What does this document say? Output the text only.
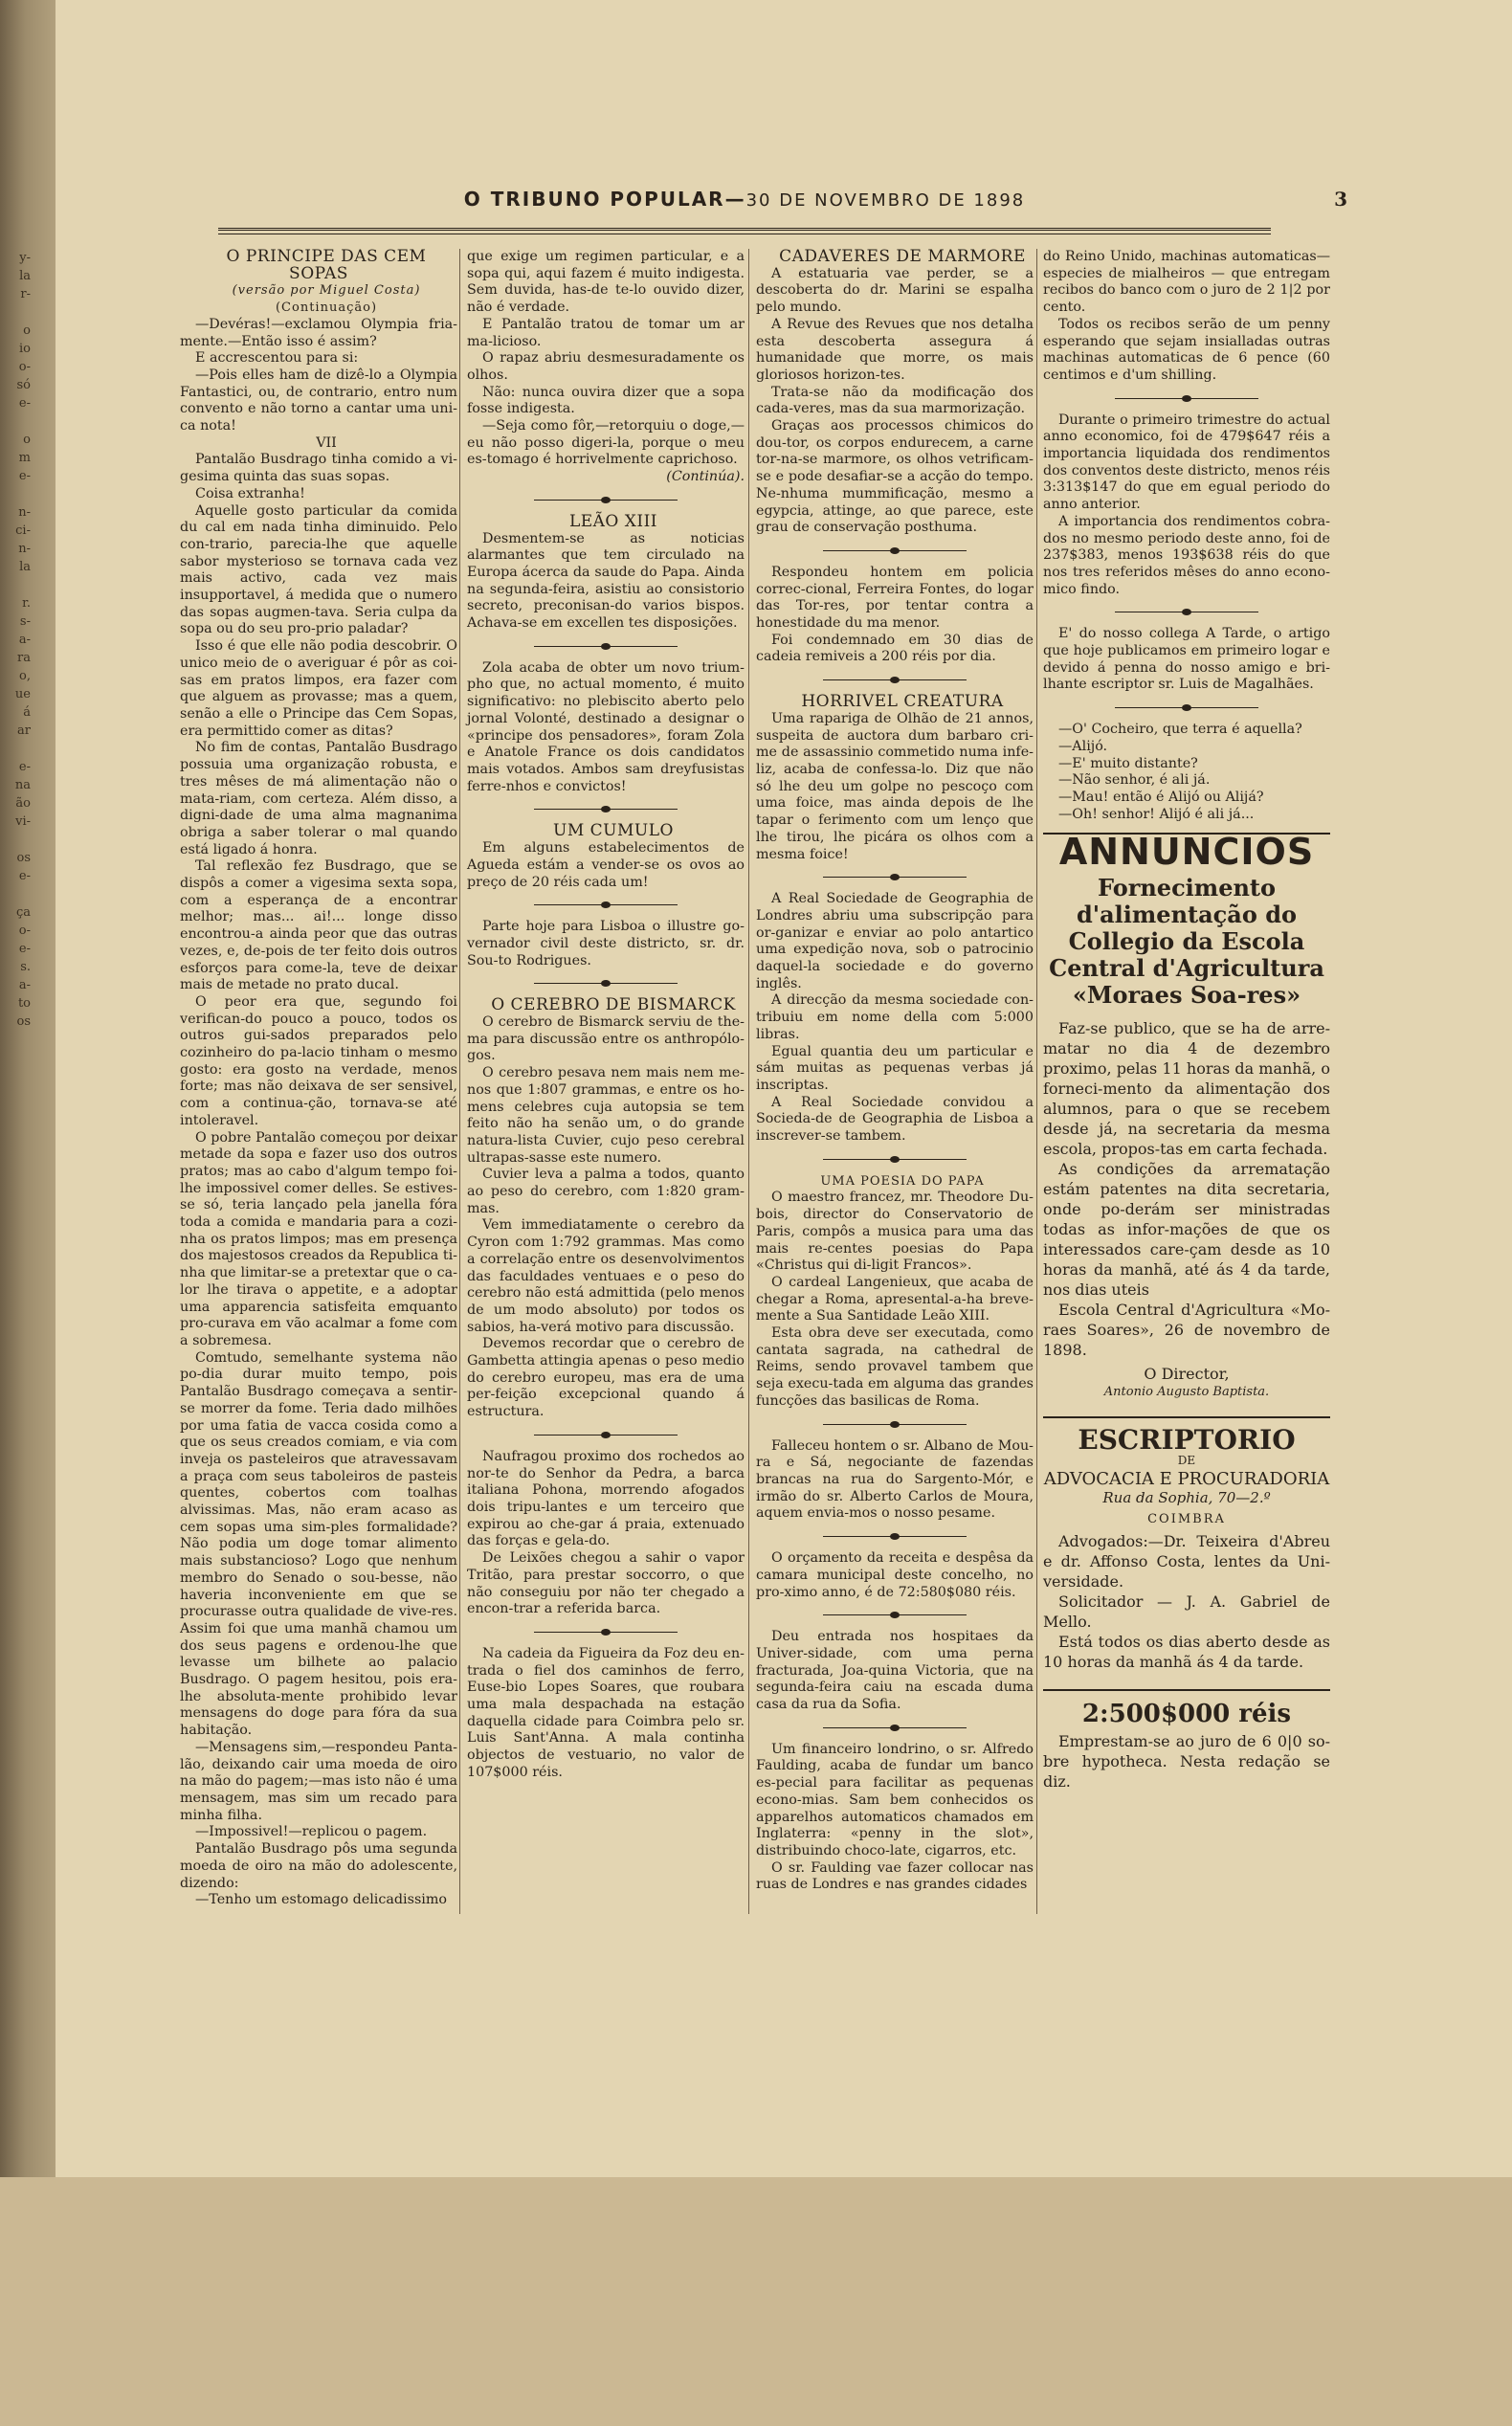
y-
la
r-
o
io
o-
só
e-
o
m
e-
n-
ci-
n-
la
r.
s-
a-
ra
o,
ue
á
ar
e-
na
ão
vi-
os
e-
ça
o-
e-
s.
a-
to
os
O TRIBUNO POPULAR—30 DE NOVEMBRO DE 1898	3

O PRINCIPE DAS CEM SOPAS

(versão por Miguel Costa)

(Continuação)

—Devéras!—exclamou Olympia fria-mente.—Então isso é assim?

E accrescentou para si:

—Pois elles ham de dizê-lo a Olympia Fantastici, ou, de contrario, entro num convento e não torno a cantar uma uni-ca nota!

VII

Pantalão Busdrago tinha comido a vi-gesima quinta das suas sopas.

Coisa extranha!

Aquelle gosto particular da comida du cal em nada tinha diminuido. Pelo con-trario, parecia-lhe que aquelle sabor mysterioso se tornava cada vez mais activo, cada vez mais insupportavel, á medida que o numero das sopas augmen-tava. Seria culpa da sopa ou do seu pro-prio paladar?

Isso é que elle não podia descobrir. O unico meio de o averiguar é pôr as coi-sas em pratos limpos, era fazer com que alguem as provasse; mas a quem, senão a elle o Principe das Cem Sopas, era permittido comer as ditas?

No fim de contas, Pantalão Busdrago possuia uma organização robusta, e tres mêses de má alimentação não o mata-riam, com certeza. Além disso, a digni-dade de uma alma magnanima obriga a saber tolerar o mal quando está ligado á honra.

Tal reflexão fez Busdrago, que se dispôs a comer a vigesima sexta sopa, com a esperança de a encontrar melhor; mas... ai!... longe disso encontrou-a ainda peor que das outras vezes, e, de-pois de ter feito dois outros esforços para come-la, teve de deixar mais de metade no prato ducal.

O peor era que, segundo foi verifican-do pouco a pouco, todos os outros gui-sados preparados pelo cozinheiro do pa-lacio tinham o mesmo gosto: era gosto na verdade, menos forte; mas não deixava de ser sensivel, com a continua-ção, tornava-se até intoleravel.

O pobre Pantalão começou por deixar metade da sopa e fazer uso dos outros pratos; mas ao cabo d'algum tempo foi-lhe impossivel comer delles. Se estives-se só, teria lançado pela janella fóra toda a comida e mandaria para a cozi-nha os pratos limpos; mas em presença dos majestosos creados da Republica ti-nha que limitar-se a pretextar que o ca-lor lhe tirava o appetite, e a adoptar uma apparencia satisfeita emquanto pro-curava em vão acalmar a fome com a sobremesa.

Comtudo, semelhante systema não po-dia durar muito tempo, pois Pantalão Busdrago começava a sentir-se morrer da fome. Teria dado milhões por uma fatia de vacca cosida como a que os seus creados comiam, e via com inveja os pasteleiros que atravessavam a praça com seus taboleiros de pasteis quentes, cobertos com toalhas alvissimas. Mas, não eram acaso as cem sopas uma sim-ples formalidade? Não podia um doge tomar alimento mais substancioso? Logo que nenhum membro do Senado o sou-besse, não haveria inconveniente em que se procurasse outra qualidade de vive-res. Assim foi que uma manhã chamou um dos seus pagens e ordenou-lhe que levasse um bilhete ao palacio Busdrago. O pagem hesitou, pois era-lhe absoluta-mente prohibido levar mensagens do doge para fóra da sua habitação.

—Mensagens sim,—respondeu Panta-lão, deixando cair uma moeda de oiro na mão do pagem;—mas isto não é uma mensagem, mas sim um recado para minha filha.

—Impossivel!—replicou o pagem.

Pantalão Busdrago pôs uma segunda moeda de oiro na mão do adolescente, dizendo:

—Tenho um estomago delicadissimo

que exige um regimen particular, e a sopa qui, aqui fazem é muito indigesta. Sem duvida, has-de te-lo ouvido dizer, não é verdade.

E Pantalão tratou de tomar um ar ma-licioso.

O rapaz abriu desmesuradamente os olhos.

Não: nunca ouvira dizer que a sopa fosse indigesta.

—Seja como fôr,—retorquiu o doge,—eu não posso digeri-la, porque o meu es-tomago é horrivelmente caprichoso.

(Continúa).

LEÃO XIII

Desmentem-se as noticias alarmantes que tem circulado na Europa ácerca da saude do Papa. Ainda na segunda-feira, asistiu ao consistorio secreto, preconisan-do varios bispos. Achava-se em excellen tes disposições.

Zola acaba de obter um novo trium-pho que, no actual momento, é muito significativo: no plebiscito aberto pelo jornal Volonté, destinado a designar o «principe dos pensadores», foram Zola e Anatole France os dois candidatos mais votados. Ambos sam dreyfusistas ferre-nhos e convictos!

UM CUMULO

Em alguns estabelecimentos de Agueda estám a vender-se os ovos ao preço de 20 réis cada um!

Parte hoje para Lisboa o illustre go-vernador civil deste districto, sr. dr. Sou-to Rodrigues.

O CEREBRO DE BISMARCK

O cerebro de Bismarck serviu de the-ma para discussão entre os anthropólo-gos.

O cerebro pesava nem mais nem me-nos que 1:807 grammas, e entre os ho-mens celebres cuja autopsia se tem feito não ha senão um, o do grande natura-lista Cuvier, cujo peso cerebral ultrapas-sasse este numero.

Cuvier leva a palma a todos, quanto ao peso do cerebro, com 1:820 gram-mas.

Vem immediatamente o cerebro da Cyron com 1:792 grammas. Mas como a correlação entre os desenvolvimentos das faculdades ventuaes e o peso do cerebro não está admittida (pelo menos de um modo absoluto) por todos os sabios, ha-verá motivo para discussão.

Devemos recordar que o cerebro de Gambetta attingia apenas o peso medio do cerebro europeu, mas era de uma per-feição excepcional quando á estructura.

Naufragou proximo dos rochedos ao nor-te do Senhor da Pedra, a barca italiana Pohona, morrendo afogados dois tripu-lantes e um terceiro que expirou ao che-gar á praia, extenuado das forças e gela-do.

De Leixões chegou a sahir o vapor Tritão, para prestar soccorro, o que não conseguiu por não ter chegado a encon-trar a referida barca.

Na cadeia da Figueira da Foz deu en-trada o fiel dos caminhos de ferro, Euse-bio Lopes Soares, que roubara uma mala despachada na estação daquella cidade para Coimbra pelo sr. Luis Sant'Anna. A mala continha objectos de vestuario, no valor de 107$000 réis.

CADAVERES DE MARMORE

A estatuaria vae perder, se a descoberta do dr. Marini se espalha pelo mundo.

A Revue des Revues que nos detalha esta descoberta assegura á humanidade que morre, os mais gloriosos horizon-tes.

Trata-se não da modificação dos cada-veres, mas da sua marmorização.

Graças aos processos chimicos do dou-tor, os corpos endurecem, a carne tor-na-se marmore, os olhos vetrificam-se e pode desafiar-se a acção do tempo. Ne-nhuma mummificação, mesmo a egypcia, attinge, ao que parece, este grau de conservação posthuma.

Respondeu hontem em policia correc-cional, Ferreira Fontes, do logar das Tor-res, por tentar contra a honestidade du ma menor.

Foi condemnado em 30 dias de cadeia remiveis a 200 réis por dia.

HORRIVEL CREATURA

Uma rapariga de Olhão de 21 annos, suspeita de auctora dum barbaro cri-me de assassinio commetido numa infe-liz, acaba de confessa-lo. Diz que não só lhe deu um golpe no pescoço com uma foice, mas ainda depois de lhe tapar o ferimento com um lenço que lhe tirou, lhe picára os olhos com a mesma foice!

A Real Sociedade de Geographia de Londres abriu uma subscripção para or-ganizar e enviar ao polo antartico uma expedição nova, sob o patrocinio daquel-la sociedade e do governo inglês.

A direcção da mesma sociedade con-tribuiu em nome della com 5:000 libras.

Egual quantia deu um particular e sám muitas as pequenas verbas já inscriptas.

A Real Sociedade convidou a Socieda-de de Geographia de Lisboa a inscrever-se tambem.

UMA POESIA DO PAPA

O maestro francez, mr. Theodore Du-bois, director do Conservatorio de Paris, compôs a musica para uma das mais re-centes poesias do Papa «Christus qui di-ligit Francos».

O cardeal Langenieux, que acaba de chegar a Roma, apresental-a-ha breve-mente a Sua Santidade Leão XIII.

Esta obra deve ser executada, como cantata sagrada, na cathedral de Reims, sendo provavel tambem que seja execu-tada em alguma das grandes funcções das basilicas de Roma.

Falleceu hontem o sr. Albano de Mou-ra e Sá, negociante de fazendas brancas na rua do Sargento-Mór, e irmão do sr. Alberto Carlos de Moura, aquem envia-mos o nosso pesame.

O orçamento da receita e despêsa da camara municipal deste concelho, no pro-ximo anno, é de 72:580$080 réis.

Deu entrada nos hospitaes da Univer-sidade, com uma perna fracturada, Joa-quina Victoria, que na segunda-feira caiu na escada duma casa da rua da Sofia.

Um financeiro londrino, o sr. Alfredo Faulding, acaba de fundar um banco es-pecial para facilitar as pequenas econo-mias. Sam bem conhecidos os apparelhos automaticos chamados em Inglaterra: «penny in the slot», distribuindo choco-late, cigarros, etc.

O sr. Faulding vae fazer collocar nas ruas de Londres e nas grandes cidades

do Reino Unido, machinas automaticas—especies de mialheiros — que entregam recibos do banco com o juro de 2 1|2 por cento.

Todos os recibos serão de um penny esperando que sejam insialladas outras machinas automaticas de 6 pence (60 centimos e d'um shilling.

Durante o primeiro trimestre do actual anno economico, foi de 479$647 réis a importancia liquidada dos rendimentos dos conventos deste districto, menos réis 3:313$147 do que em egual periodo do anno anterior.

A importancia dos rendimentos cobra-dos no mesmo periodo deste anno, foi de 237$383, menos 193$638 réis do que nos tres referidos mêses do anno econo-mico findo.

E' do nosso collega A Tarde, o artigo que hoje publicamos em primeiro logar e devido á penna do nosso amigo e bri-lhante escriptor sr. Luis de Magalhães.

—O' Cocheiro, que terra é aquella?

—Alijó.

—E' muito distante?

—Não senhor, é ali já.

—Mau! então é Alijó ou Alijá?

—Oh! senhor! Alijó é ali já...

ANNUNCIOS
Fornecimento d'alimentação do Collegio da Escola Central d'Agricultura «Moraes Soa-res»

Faz-se publico, que se ha de arre-matar no dia 4 de dezembro proximo, pelas 11 horas da manhã, o forneci-mento da alimentação dos alumnos, para o que se recebem desde já, na secretaria da mesma escola, propos-tas em carta fechada.

As condições da arrematação estám patentes na dita secretaria, onde po-derám ser ministradas todas as infor-mações de que os interessados care-çam desde as 10 horas da manhã, até ás 4 da tarde, nos dias uteis

Escola Central d'Agricultura «Mo-raes Soares», 26 de novembro de 1898.

O Director,

Antonio Augusto Baptista.

ESCRIPTORIO

DE

ADVOCACIA E PROCURADORIA

Rua da Sophia, 70—2.º

COIMBRA

Advogados:—Dr. Teixeira d'Abreu e dr. Affonso Costa, lentes da Uni-versidade.

Solicitador — J. A. Gabriel de Mello.

Está todos os dias aberto desde as 10 horas da manhã ás 4 da tarde.

2:500$000 réis

Emprestam-se ao juro de 6 0|0 so-bre hypotheca. Nesta redação se diz.
